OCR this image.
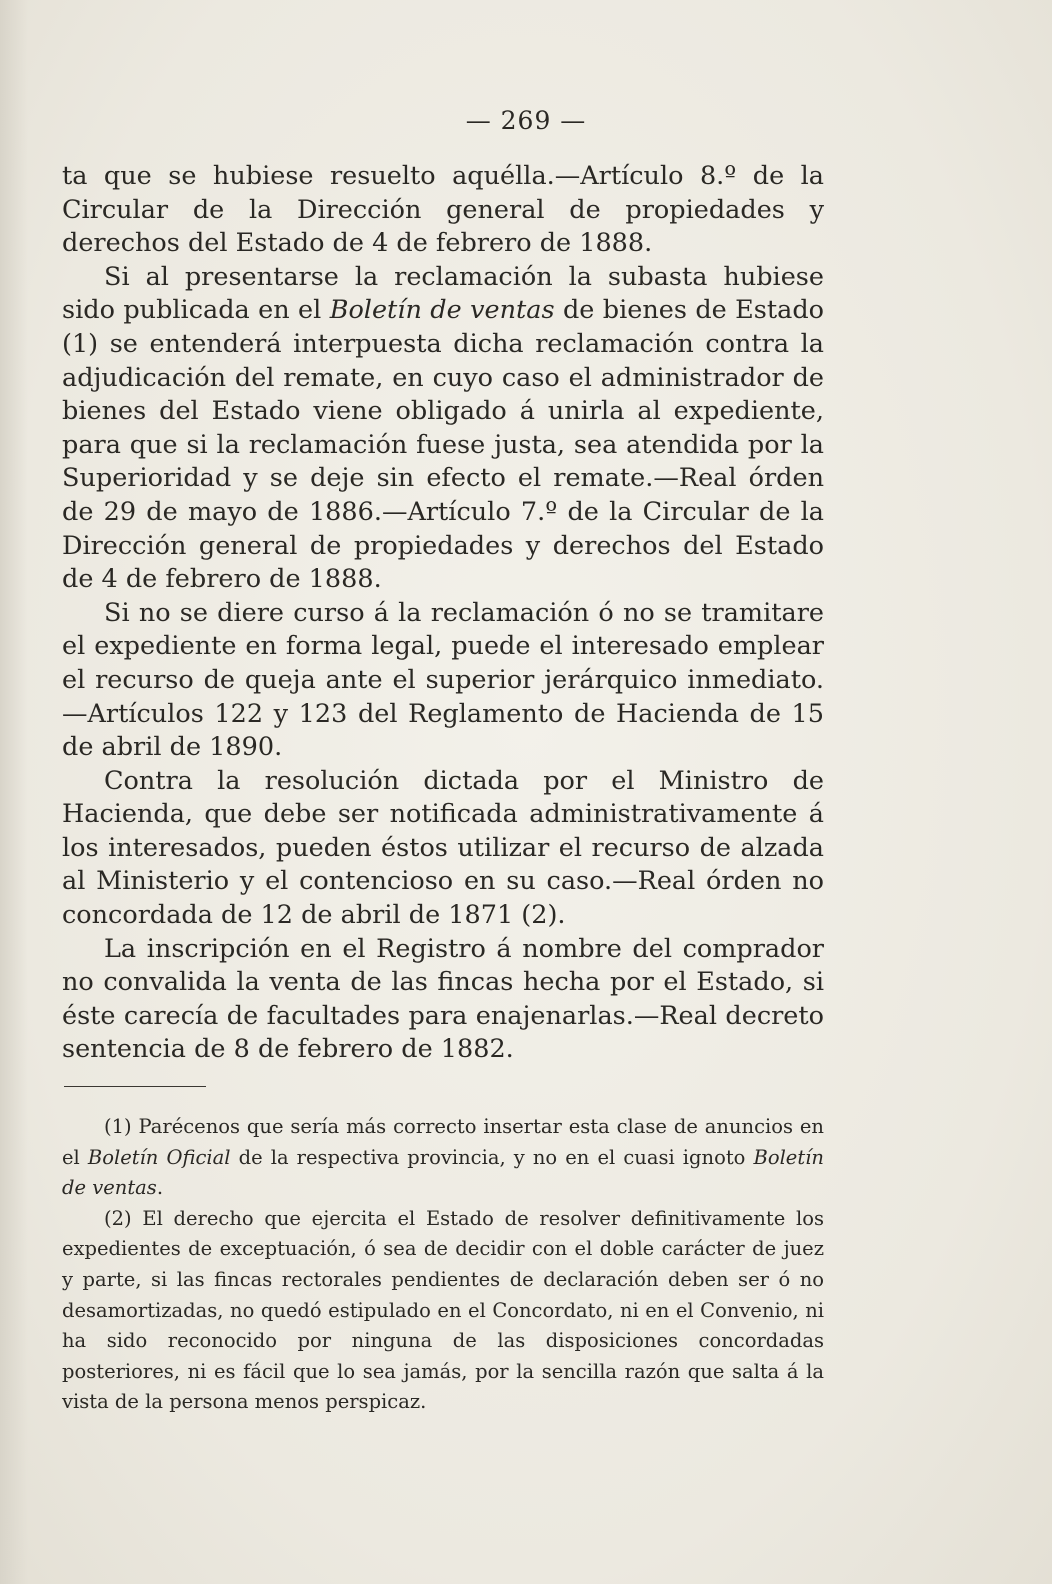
— 269 —

ta que se hubiese resuelto aquélla.—Artículo 8.º de la Circular de la Dirección general de propiedades y derechos del Estado de 4 de febrero de 1888.

Si al presentarse la reclamación la subasta hubiese sido publicada en el Boletín de ventas de bienes de Estado (1) se entenderá interpuesta dicha reclamación contra la adjudicación del remate, en cuyo caso el administrador de bienes del Estado viene obligado á unirla al expediente, para que si la reclamación fuese justa, sea atendida por la Superioridad y se deje sin efecto el remate.—Real órden de 29 de mayo de 1886.—Artículo 7.º de la Circular de la Dirección general de propiedades y derechos del Estado de 4 de febrero de 1888.

Si no se diere curso á la reclamación ó no se tramitare el expediente en forma legal, puede el interesado emplear el recurso de queja ante el superior jerárquico inmediato.—Artículos 122 y 123 del Reglamento de Hacienda de 15 de abril de 1890.

Contra la resolución dictada por el Ministro de Hacienda, que debe ser notificada administrativamente á los interesados, pueden éstos utilizar el recurso de alzada al Ministerio y el contencioso en su caso.—Real órden no concordada de 12 de abril de 1871 (2).

La inscripción en el Registro á nombre del comprador no convalida la venta de las fincas hecha por el Estado, si éste carecía de facultades para enajenarlas.—Real decreto sentencia de 8 de febrero de 1882.

(1) Parécenos que sería más correcto insertar esta clase de anuncios en el Boletín Oficial de la respectiva provincia, y no en el cuasi ignoto Boletín de ventas.

(2) El derecho que ejercita el Estado de resolver definitivamente los expedientes de exceptuación, ó sea de decidir con el doble carácter de juez y parte, si las fincas rectorales pendientes de declaración deben ser ó no desamortizadas, no quedó estipulado en el Concordato, ni en el Convenio, ni ha sido reconocido por ninguna de las disposiciones concordadas posteriores, ni es fácil que lo sea jamás, por la sencilla razón que salta á la vista de la persona menos perspicaz.
